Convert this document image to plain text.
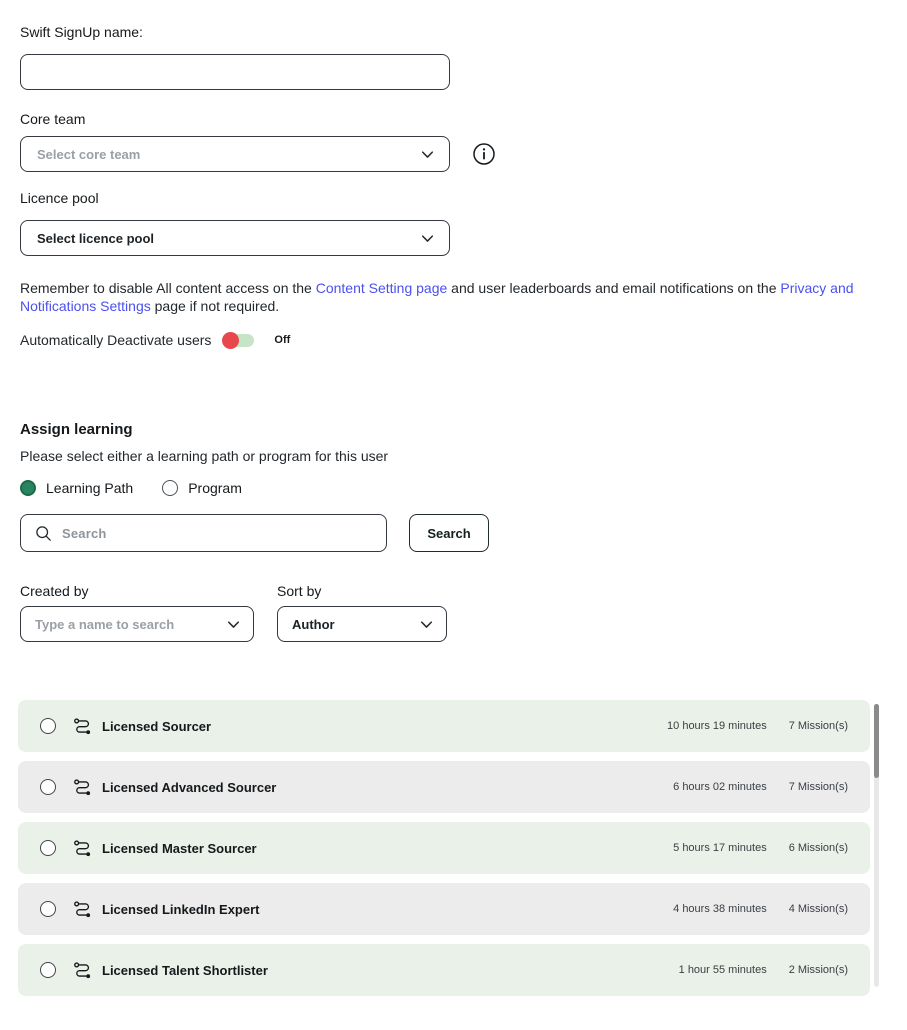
Swift SignUp name:
Core team
Select core team
Licence pool
Select licence pool

Remember to disable All content access on the Content Setting page and user leaderboards and email notifications on the Privacy and Notifications Settings page if not required.

Automatically Deactivate users	Off
Assign learning
Please select either a learning path or program for this user
Learning Path	Program
Search
Search
Created by
Type a name to search
Sort by
Author
Licensed Sourcer	10 hours 19 minutes 7 Mission(s)
Licensed Advanced Sourcer	6 hours 02 minutes 7 Mission(s)
Licensed Master Sourcer	5 hours 17 minutes 6 Mission(s)
Licensed LinkedIn Expert	4 hours 38 minutes 4 Mission(s)
Licensed Talent Shortlister	1 hour 55 minutes 2 Mission(s)
